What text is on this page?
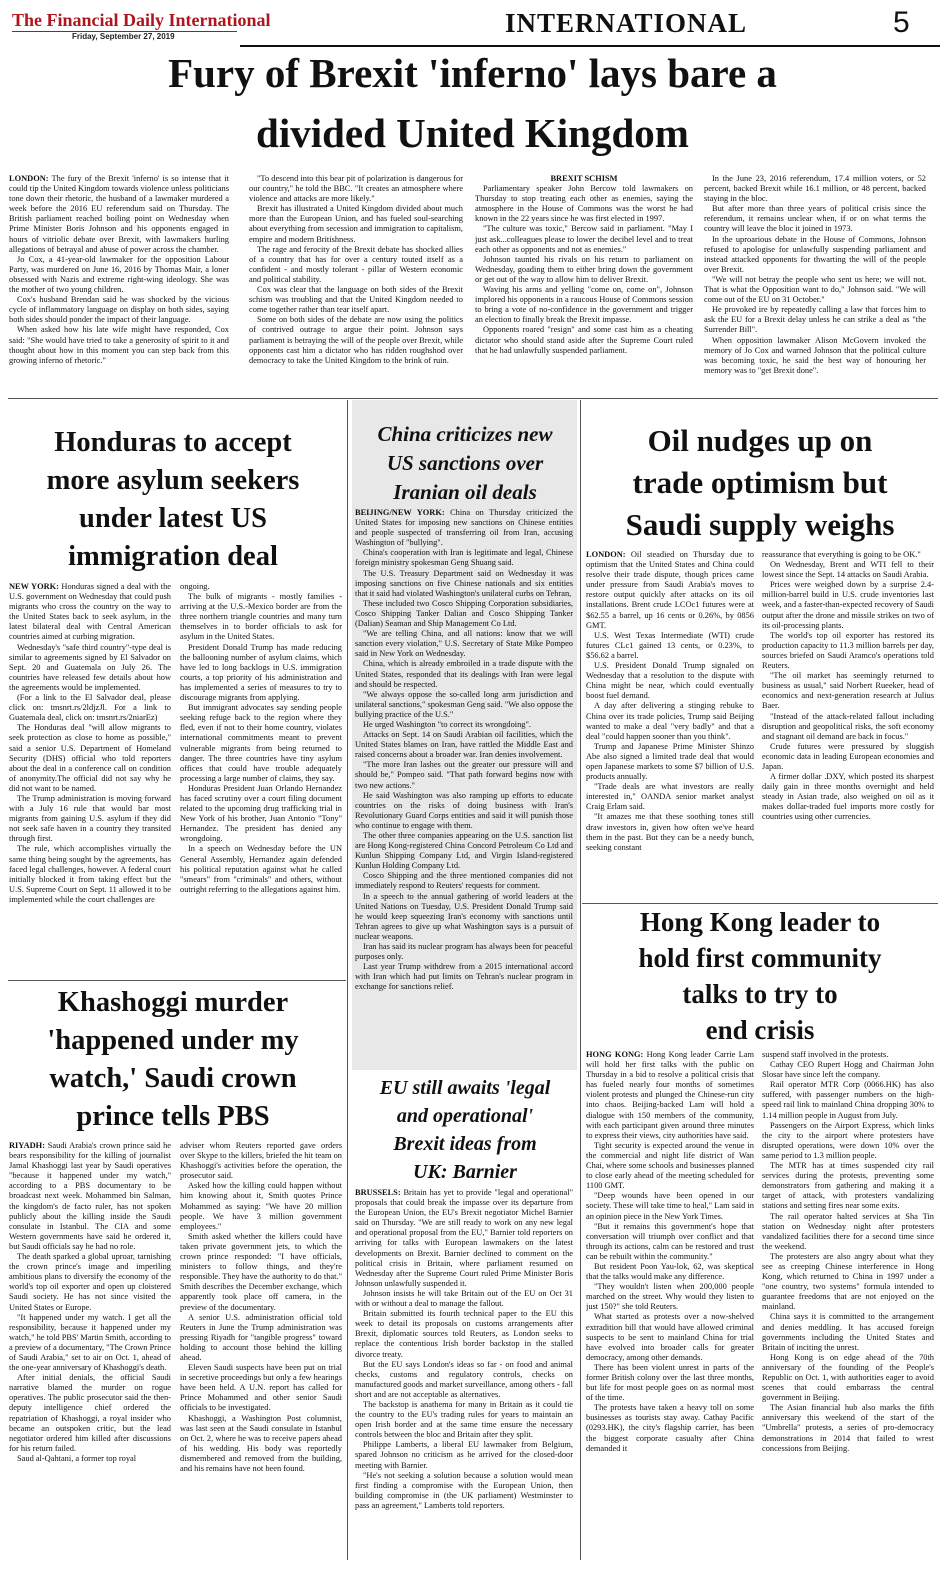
The Financial Daily International
Friday, September 27, 2019	INTERNATIONAL	5
Fury of Brexit 'inferno' lays bare a
divided United Kingdom

LONDON: The fury of the Brexit 'inferno' is so intense that it could tip the United Kingdom towards violence unless politicians tone down their rhetoric, the husband of a lawmaker murdered a week before the 2016 EU referendum said on Thursday. The British parliament reached boiling point on Wednesday when Prime Minister Boris Johnson and his opponents engaged in hours of vitriolic debate over Brexit, with lawmakers hurling allegations of betrayal and abuse of power across the chamber.

Jo Cox, a 41-year-old lawmaker for the opposition Labour Party, was murdered on June 16, 2016 by Thomas Mair, a loner obsessed with Nazis and extreme right-wing ideology. She was the mother of two young children.

Cox's husband Brendan said he was shocked by the vicious cycle of inflammatory language on display on both sides, saying both sides should ponder the impact of their language.

When asked how his late wife might have responded, Cox said: "She would have tried to take a generosity of spirit to it and thought about how in this moment you can step back from this growing inferno of rhetoric."

"To descend into this bear pit of polarization is dangerous for our country," he told the BBC. "It creates an atmosphere where violence and attacks are more likely."

Brexit has illustrated a United Kingdom divided about much more than the European Union, and has fueled soul-searching about everything from secession and immigration to capitalism, empire and modern Britishness.

The rage and ferocity of the Brexit debate has shocked allies of a country that has for over a century touted itself as a confident - and mostly tolerant - pillar of Western economic and political stability.

Cox was clear that the language on both sides of the Brexit schism was troubling and that the United Kingdom needed to come together rather than tear itself apart.

Some on both sides of the debate are now using the politics of contrived outrage to argue their point. Johnson says parliament is betraying the will of the people over Brexit, while opponents cast him a dictator who has ridden roughshod over democracy to take the United Kingdom to the brink of ruin.

BREXIT SCHISM

Parliamentary speaker John Bercow told lawmakers on Thursday to stop treating each other as enemies, saying the atmosphere in the House of Commons was the worst he had known in the 22 years since he was first elected in 1997.

"The culture was toxic," Bercow said in parliament. "May I just ask...colleagues please to lower the decibel level and to treat each other as opponents and not as enemies."

Johnson taunted his rivals on his return to parliament on Wednesday, goading them to either bring down the government or get out of the way to allow him to deliver Brexit.

Waving his arms and yelling "come on, come on", Johnson implored his opponents in a raucous House of Commons session to bring a vote of no-confidence in the government and trigger an election to finally break the Brexit impasse.

Opponents roared "resign" and some cast him as a cheating dictator who should stand aside after the Supreme Court ruled that he had unlawfully suspended parliament.

In the June 23, 2016 referendum, 17.4 million voters, or 52 percent, backed Brexit while 16.1 million, or 48 percent, backed staying in the bloc.

But after more than three years of political crisis since the referendum, it remains unclear when, if or on what terms the country will leave the bloc it joined in 1973.

In the uproarious debate in the House of Commons, Johnson refused to apologise for unlawfully suspending parliament and instead attacked opponents for thwarting the will of the people over Brexit.

"We will not betray the people who sent us here; we will not. That is what the Opposition want to do," Johnson said. "We will come out of the EU on 31 October."

He provoked ire by repeatedly calling a law that forces him to ask the EU for a Brexit delay unless he can strike a deal as "the Surrender Bill".

When opposition lawmaker Alison McGovern invoked the memory of Jo Cox and warned Johnson that the political culture was becoming toxic, he said the best way of honouring her memory was to "get Brexit done".

Honduras to accept
more asylum seekers
under latest US
immigration deal

NEW YORK: Honduras signed a deal with the U.S. government on Wednesday that could push migrants who cross the country on the way to the United States back to seek asylum, in the latest bilateral deal with Central American countries aimed at curbing migration.

Wednesday's "safe third country"-type deal is similar to agreements signed by El Salvador on Sept. 20 and Guatemala on July 26. The countries have released few details about how the agreements would be implemented.

(For a link to the El Salvador deal, please click on: tmsnrt.rs/2ldjzJl. For a link to Guatemala deal, click on: tmsnrt.rs/2niarEz)

The Honduras deal "will allow migrants to seek protection as close to home as possible," said a senior U.S. Department of Homeland Security (DHS) official who told reporters about the deal in a conference call on condition of anonymity.The official did not say why he did not want to be named.

The Trump administration is moving forward with a July 16 rule that would bar most migrants from gaining U.S. asylum if they did not seek safe haven in a country they transited through first.

The rule, which accomplishes virtually the same thing being sought by the agreements, has faced legal challenges, however. A federal court initially blocked it from taking effect but the U.S. Supreme Court on Sept. 11 allowed it to be implemented while the court challenges are

ongoing.

The bulk of migrants - mostly families - arriving at the U.S.-Mexico border are from the three northern triangle countries and many turn themselves in to border officials to ask for asylum in the United States.

President Donald Trump has made reducing the ballooning number of asylum claims, which have led to long backlogs in U.S. immigration courts, a top priority of his administration and has implemented a series of measures to try to discourage migrants from applying.

But immigrant advocates say sending people seeking refuge back to the region where they fled, even if not to their home country, violates international commitments meant to prevent vulnerable migrants from being returned to danger. The three countries have tiny asylum offices that could have trouble adequately processing a large number of claims, they say.

Honduras President Juan Orlando Hernandez has faced scrutiny over a court filing document related to the upcoming drug trafficking trial in New York of his brother, Juan Antonio "Tony" Hernandez. The president has denied any wrongdoing.

In a speech on Wednesday before the UN General Assembly, Hernandez again defended his political reputation against what he called "smears" from "criminals" and others, without outright referring to the allegations against him.

Khashoggi murder
'happened under my
watch,' Saudi crown
prince tells PBS

RIYADH: Saudi Arabia's crown prince said he bears responsibility for the killing of journalist Jamal Khashoggi last year by Saudi operatives "because it happened under my watch," according to a PBS documentary to be broadcast next week. Mohammed bin Salman, the kingdom's de facto ruler, has not spoken publicly about the killing inside the Saudi consulate in Istanbul. The CIA and some Western governments have said he ordered it, but Saudi officials say he had no role.

The death sparked a global uproar, tarnishing the crown prince's image and imperiling ambitious plans to diversify the economy of the world's top oil exporter and open up cloistered Saudi society. He has not since visited the United States or Europe.

"It happened under my watch. I get all the responsibility, because it happened under my watch," he told PBS' Martin Smith, according to a preview of a documentary, "The Crown Prince of Saudi Arabia," set to air on Oct. 1, ahead of the one-year anniversary of Khashoggi's death.

After initial denials, the official Saudi narrative blamed the murder on rogue operatives. The public prosecutor said the then-deputy intelligence chief ordered the repatriation of Khashoggi, a royal insider who became an outspoken critic, but the lead negotiator ordered him killed after discussions for his return failed.

Saud al-Qahtani, a former top royal

adviser whom Reuters reported gave orders over Skype to the killers, briefed the hit team on Khashoggi's activities before the operation, the prosecutor said.

Asked how the killing could happen without him knowing about it, Smith quotes Prince Mohammed as saying: "We have 20 million people. We have 3 million government employees."

Smith asked whether the killers could have taken private government jets, to which the crown prince responded: "I have officials, ministers to follow things, and they're responsible. They have the authority to do that." Smith describes the December exchange, which apparently took place off camera, in the preview of the documentary.

A senior U.S. administration official told Reuters in June the Trump administration was pressing Riyadh for "tangible progress" toward holding to account those behind the killing ahead.

Eleven Saudi suspects have been put on trial in secretive proceedings but only a few hearings have been held. A U.N. report has called for Prince Mohammed and other senior Saudi officials to be investigated.

Khashoggi, a Washington Post columnist, was last seen at the Saudi consulate in Istanbul on Oct. 2, where he was to receive papers ahead of his wedding. His body was reportedly dismembered and removed from the building, and his remains have not been found.

China criticizes new
US sanctions over
Iranian oil deals

BEIJING/NEW YORK: China on Thursday criticized the United States for imposing new sanctions on Chinese entities and people suspected of transferring oil from Iran, accusing Washington of "bullying".

China's cooperation with Iran is legitimate and legal, Chinese foreign ministry spokesman Geng Shuang said.

The U.S. Treasury Department said on Wednesday it was imposing sanctions on five Chinese nationals and six entities that it said had violated Washington's unilateral curbs on Tehran,

These included two Cosco Shipping Corporation subsidiaries, Cosco Shipping Tanker Dalian and Cosco Shipping Tanker (Dalian) Seaman and Ship Management Co Ltd.

"We are telling China, and all nations: know that we will sanction every violation," U.S. Secretary of State Mike Pompeo said in New York on Wednesday.

China, which is already embroiled in a trade dispute with the United States, responded that its dealings with Iran were legal and should be respected.

"We always oppose the so-called long arm jurisdiction and unilateral sanctions," spokesman Geng said. "We also oppose the bullying practice of the U.S."

He urged Washington "to correct its wrongdoing".

Attacks on Sept. 14 on Saudi Arabian oil facilities, which the United States blames on Iran, have rattled the Middle East and raised concerns about a broader war. Iran denies involvement.

"The more Iran lashes out the greater our pressure will and should be," Pompeo said. "That path forward begins now with two new actions."

He said Washington was also ramping up efforts to educate countries on the risks of doing business with Iran's Revolutionary Guard Corps entities and said it will punish those who continue to engage with them.

The other three companies appearing on the U.S. sanction list are Hong Kong-registered China Concord Petroleum Co Ltd and Kunlun Shipping Company Ltd, and Virgin Island-registered Kunlun Holding Company Ltd.

Cosco Shipping and the three mentioned companies did not immediately respond to Reuters' requests for comment.

In a speech to the annual gathering of world leaders at the United Nations on Tuesday, U.S. President Donald Trump said he would keep squeezing Iran's economy with sanctions until Tehran agrees to give up what Washington says is a pursuit of nuclear weapons.

Iran has said its nuclear program has always been for peaceful purposes only.

Last year Trump withdrew from a 2015 international accord with Iran which had put limits on Tehran's nuclear program in exchange for sanctions relief.

EU still awaits 'legal
and operational'
Brexit ideas from
UK: Barnier

BRUSSELS: Britain has yet to provide "legal and operational" proposals that could break the impasse over its departure from the European Union, the EU's Brexit negotiator Michel Barnier said on Thursday. "We are still ready to work on any new legal and operational proposal from the EU," Barnier told reporters on arriving for talks with European lawmakers on the latest developments on Brexit. Barnier declined to comment on the political crisis in Britain, where parliament resumed on Wednesday after the Supreme Court ruled Prime Minister Boris Johnson unlawfully suspended it.

Johnson insists he will take Britain out of the EU on Oct 31 with or without a deal to manage the fallout.

Britain submitted its fourth technical paper to the EU this week to detail its proposals on customs arrangements after Brexit, diplomatic sources told Reuters, as London seeks to replace the contentious Irish border backstop in the stalled divorce treaty.

But the EU says London's ideas so far - on food and animal checks, customs and regulatory controls, checks on manufactured goods and market surveillance, among others - fall short and are not acceptable as alternatives.

The backstop is anathema for many in Britain as it could tie the country to the EU's trading rules for years to maintain an open Irish border and at the same time ensure the necessary controls between the bloc and Britain after they split.

Philippe Lamberts, a liberal EU lawmaker from Belgium, spared Johnson no criticism as he arrived for the closed-door meeting with Barnier.

"He's not seeking a solution because a solution would mean first finding a compromise with the European Union, then building compromise in (the UK parliament) Westminster to pass an agreement," Lamberts told reporters.

Oil nudges up on
trade optimism but
Saudi supply weighs

LONDON: Oil steadied on Thursday due to optimism that the United States and China could resolve their trade dispute, though prices came under pressure from Saudi Arabia's moves to restore output quickly after attacks on its oil installations. Brent crude LCOc1 futures were at $62.55 a barrel, up 16 cents or 0.26%, by 0856 GMT.

U.S. West Texas Intermediate (WTI) crude futures CLc1 gained 13 cents, or 0.23%, to $56.62 a barrel.

U.S. President Donald Trump signaled on Wednesday that a resolution to the dispute with China might be near, which could eventually boost fuel demand.

A day after delivering a stinging rebuke to China over its trade policies, Trump said Beijing wanted to make a deal "very badly" and that a deal "could happen sooner than you think".

Trump and Japanese Prime Minister Shinzo Abe also signed a limited trade deal that would open Japanese markets to some $7 billion of U.S. products annually.

"Trade deals are what investors are really interested in," OANDA senior market analyst Craig Erlam said.

"It amazes me that these soothing tones still draw investors in, given how often we've heard them in the past. But they can be a needy bunch, seeking constant

reassurance that everything is going to be OK."

On Wednesday, Brent and WTI fell to their lowest since the Sept. 14 attacks on Saudi Arabia.

Prices were weighed down by a surprise 2.4-million-barrel build in U.S. crude inventories last week, and a faster-than-expected recovery of Saudi output after the drone and missile strikes on two of its oil-processing plants.

The world's top oil exporter has restored its production capacity to 11.3 million barrels per day, sources briefed on Saudi Aramco's operations told Reuters.

"The oil market has seemingly returned to business as usual," said Norbert Rueeker, head of economics and next-generation research at Julius Baer.

"Instead of the attack-related fallout including disruption and geopolitical risks, the soft economy and stagnant oil demand are back in focus."

Crude futures were pressured by sluggish economic data in leading European economies and Japan.

A firmer dollar .DXY, which posted its sharpest daily gain in three months overnight and held steady in Asian trade, also weighed on oil as it makes dollar-traded fuel imports more costly for countries using other currencies.

Hong Kong leader to
hold first community
talks to try to
end crisis

HONG KONG: Hong Kong leader Carrie Lam will hold her first talks with the public on Thursday in a bid to resolve a political crisis that has fueled nearly four months of sometimes violent protests and plunged the Chinese-run city into chaos. Beijing-backed Lam will hold a dialogue with 150 members of the community, with each participant given around three minutes to express their views, city authorities have said.

Tight security is expected around the venue in the commercial and night life district of Wan Chai, where some schools and businesses planned to close early ahead of the meeting scheduled for 1100 GMT.

"Deep wounds have been opened in our society. These will take time to heal," Lam said in an opinion piece in the New York Times.

"But it remains this government's hope that conversation will triumph over conflict and that through its actions, calm can be restored and trust can be rebuilt within the community."

But resident Poon Yau-lok, 62, was skeptical that the talks would make any difference.

"They wouldn't listen when 200,000 people marched on the street. Why would they listen to just 150?" she told Reuters.

What started as protests over a now-shelved extradition bill that would have allowed criminal suspects to be sent to mainland China for trial have evolved into broader calls for greater democracy, among other demands.

There has been violent unrest in parts of the former British colony over the last three months, but life for most people goes on as normal most of the time.

The protests have taken a heavy toll on some businesses as tourists stay away. Cathay Pacific (0293.HK), the city's flagship carrier, has been the biggest corporate casualty after China demanded it

suspend staff involved in the protests.

Cathay CEO Rupert Hogg and Chairman John Slosar have since left the company.

Rail operator MTR Corp (0066.HK) has also suffered, with passenger numbers on the high-speed rail link to mainland China dropping 30% to 1.14 million people in August from July.

Passengers on the Airport Express, which links the city to the airport where protesters have disrupted operations, were down 10% over the same period to 1.3 million people.

The MTR has at times suspended city rail services during the protests, preventing some demonstrators from gathering and making it a target of attack, with protesters vandalizing stations and setting fires near some exits.

The rail operator halted services at Sha Tin station on Wednesday night after protesters vandalized facilities there for a second time since the weekend.

The protesters are also angry about what they see as creeping Chinese interference in Hong Kong, which returned to China in 1997 under a "one country, two systems" formula intended to guarantee freedoms that are not enjoyed on the mainland.

China says it is committed to the arrangement and denies meddling. It has accused foreign governments including the United States and Britain of inciting the unrest.

Hong Kong is on edge ahead of the 70th anniversary of the founding of the People's Republic on Oct. 1, with authorities eager to avoid scenes that could embarrass the central government in Beijing.

The Asian financial hub also marks the fifth anniversary this weekend of the start of the "Umbrella" protests, a series of pro-democracy demonstrations in 2014 that failed to wrest concessions from Beijing.
